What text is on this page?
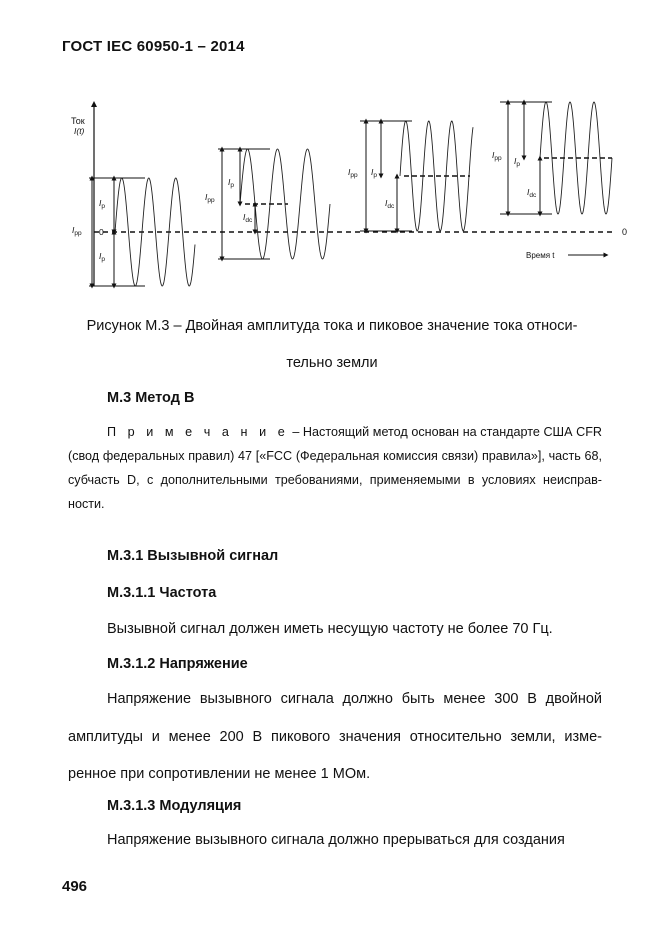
ГОСТ IEC 60950-1 – 2014
Ток
I(t)
0	0
Время t
$I_{pp}$
$I_p$
$I_p$
$I_{pp}$
$I_p$
$I_{dc}$
$I_{pp}$ $I_p$
$I_{dc}$
$I_{pp}$ $I_p$
$I_{dc}$
Рисунок М.3 – Двойная амплитуда тока и пиковое значение тока относи-
тельно земли
М.3 Метод В
П р и м е ч а н и е – Настоящий метод основан на стандарте США CFR (свод федеральных правил) 47 [«FCC (Федеральная комиссия связи) правила»], часть 68, субчасть D, с дополнительными требованиями, применяемыми в условиях неисправ-ности.
М.3.1 Вызывной сигнал
М.3.1.1 Частота
Вызывной сигнал должен иметь несущую частоту не более 70 Гц.
М.3.1.2 Напряжение
Напряжение вызывного сигнала должно быть менее 300 В двойной амплитуды и менее 200 В пикового значения относительно земли, изме-ренное при сопротивлении не менее 1 МОм.
М.3.1.3 Модуляция
Напряжение вызывного сигнала должно прерываться для создания
496
